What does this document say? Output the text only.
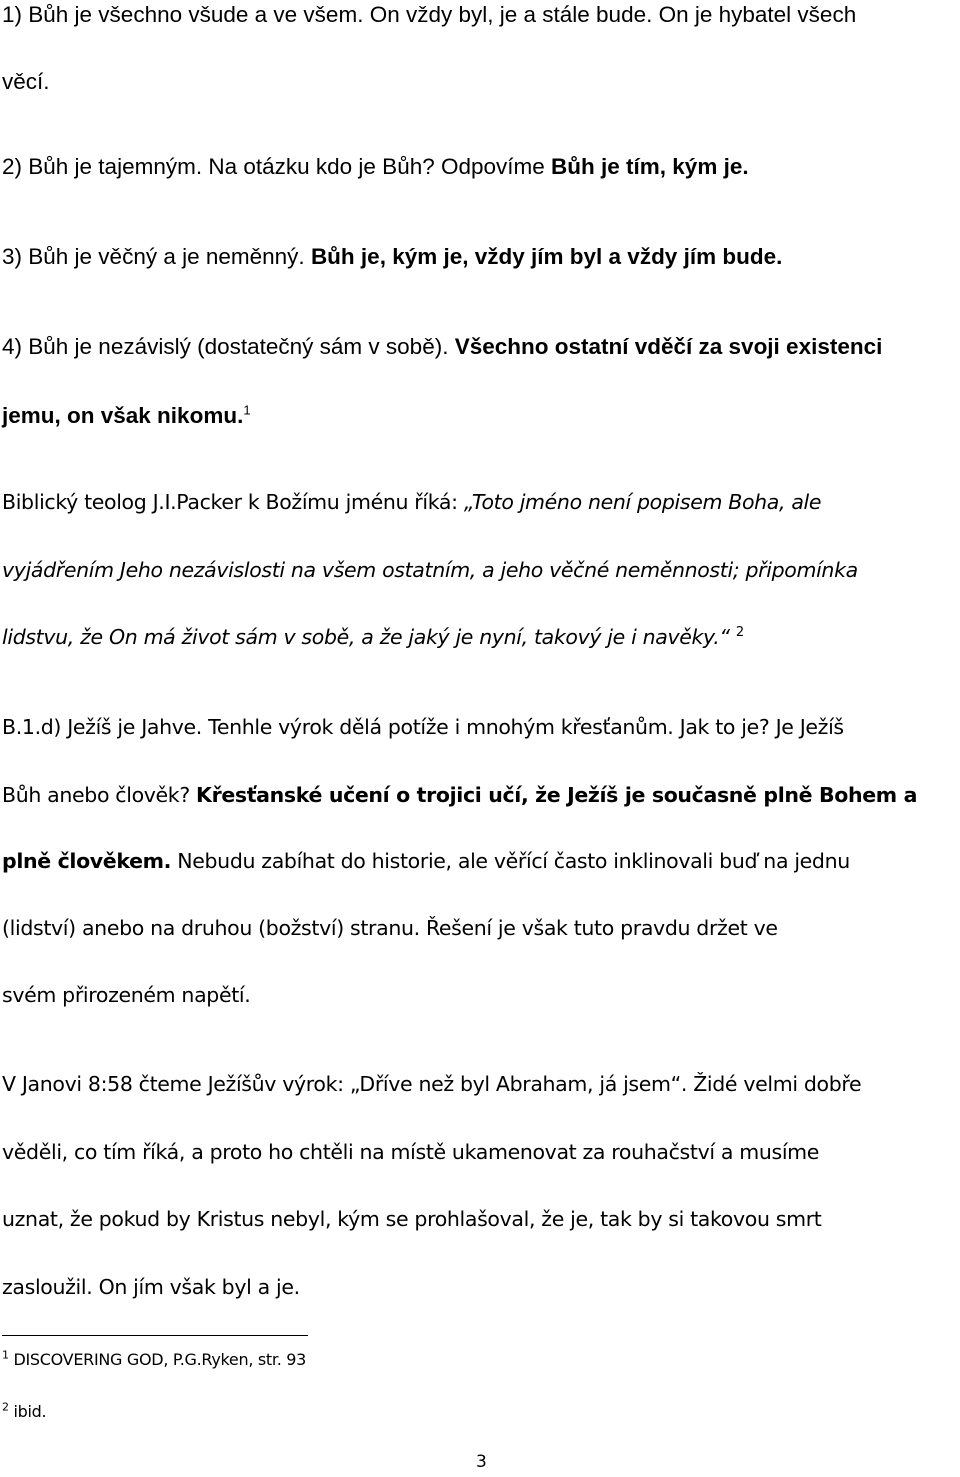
1) Bůh je všechno všude a ve všem. On vždy byl, je a stále bude. On je hybatel všech
věcí.
2) Bůh je tajemným. Na otázku kdo je Bůh? Odpovíme Bůh je tím, kým je.
3) Bůh je věčný a je neměnný. Bůh je, kým je, vždy jím byl a vždy jím bude.
4) Bůh je nezávislý (dostatečný sám v sobě). Všechno ostatní vděčí za svoji existenci
jemu, on však nikomu.$^1$
Biblický teolog J.I.Packer k Božímu jménu říká: „Toto jméno není popisem Boha, ale
vyjádřením Jeho nezávislosti na všem ostatním, a jeho věčné neměnnosti; připomínka
lidstvu, že On má život sám v sobě, a že jaký je nyní, takový je i navěky.“ $^2$
B.1.d) Ježíš je Jahve. Tenhle výrok dělá potíže i mnohým křesťanům. Jak to je? Je Ježíš
Bůh anebo člověk? Křesťanské učení o trojici učí, že Ježíš je současně plně Bohem a
plně člověkem. Nebudu zabíhat do historie, ale věřící často inklinovali buď na jednu
(lidství) anebo na druhou (božství) stranu. Řešení je však tuto pravdu držet ve
svém přirozeném napětí.
V Janovi 8:58 čteme Ježíšův výrok: „Dříve než byl Abraham, já jsem“. Židé velmi dobře
věděli, co tím říká, a proto ho chtěli na místě ukamenovat za rouhačství a musíme
uznat, že pokud by Kristus nebyl, kým se prohlašoval, že je, tak by si takovou smrt
zasloužil. On jím však byl a je.
$^1$ DISCOVERING GOD, P.G.Ryken, str. 93
$^2$ ibid.
3
